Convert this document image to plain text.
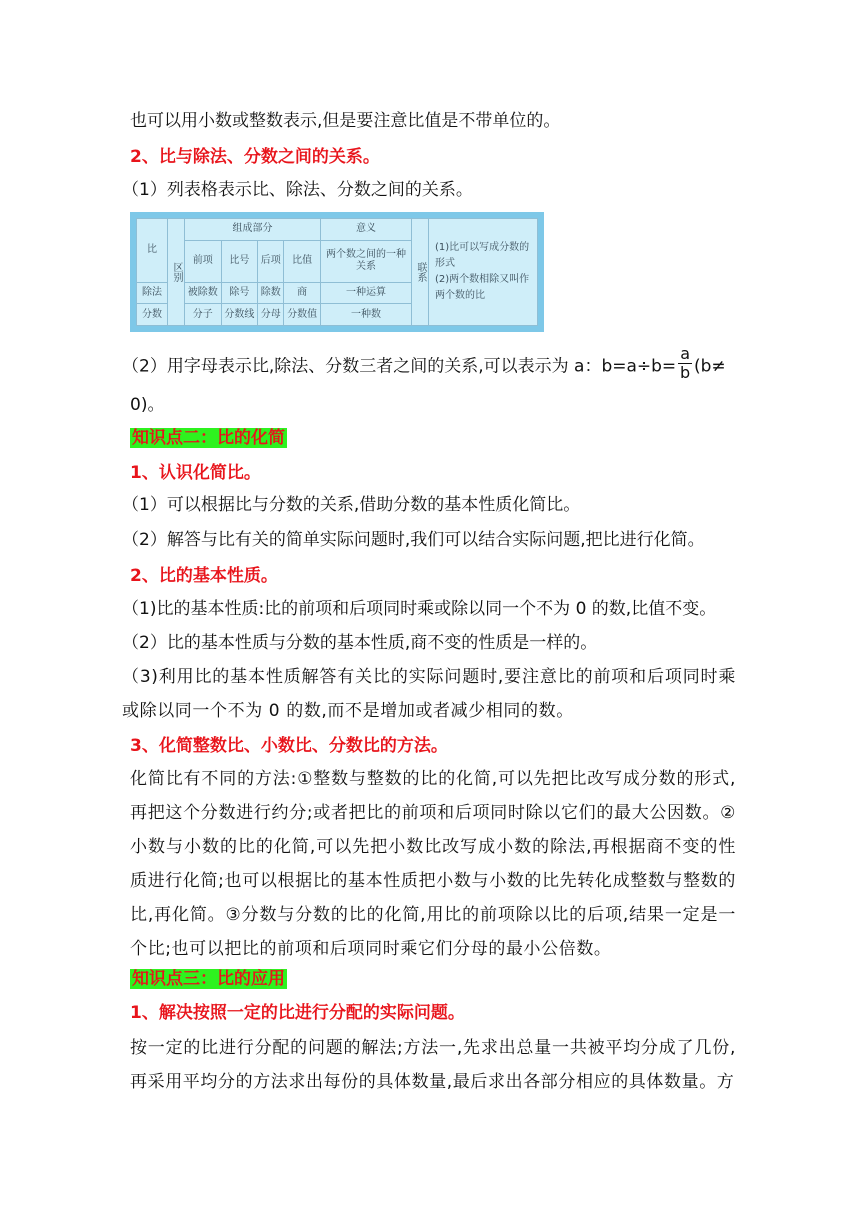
也可以用小数或整数表示,但是要注意比值是不带单位的。
2、比与除法、分数之间的关系。
（1）列表格表示比、除法、分数之间的关系。
比	区别	组成部分				意义	联系	(1)比可以写成分数的形式
(2)两个数相除又叫作两个数的比

		前项	比号	后项	比值	两个数之间的一种关系		
除法		被除数	除号	除数	商	一种运算		
分数		分子	分数线	分母	分数值	一种数		
（2）用字母表示比,除法、分数三者之间的关系,可以表示为 a：$b=a\div b= \frac{a}{b} (b\ne$
0)。
知识点二：比的化简
1、认识化简比。
（1）可以根据比与分数的关系,借助分数的基本性质化简比。
（2）解答与比有关的简单实际问题时,我们可以结合实际问题,把比进行化简。
2、比的基本性质。
（1)比的基本性质:比的前项和后项同时乘或除以同一个不为 0 的数,比值不变。
（2）比的基本性质与分数的基本性质,商不变的性质是一样的。
（3)利用比的基本性质解答有关比的实际问题时,要注意比的前项和后项同时乘或除以同一个不为 0 的数,而不是增加或者减少相同的数。
3、化简整数比、小数比、分数比的方法。
化简比有不同的方法:①整数与整数的比的化简,可以先把比改写成分数的形式,再把这个分数进行约分;或者把比的前项和后项同时除以它们的最大公因数。②小数与小数的比的化简,可以先把小数比改写成小数的除法,再根据商不变的性质进行化简;也可以根据比的基本性质把小数与小数的比先转化成整数与整数的比,再化简。③分数与分数的比的化简,用比的前项除以比的后项,结果一定是一个比;也可以把比的前项和后项同时乘它们分母的最小公倍数。
知识点三：比的应用
1、解决按照一定的比进行分配的实际问题。
按一定的比进行分配的问题的解法;方法一,先求出总量一共被平均分成了几份,再采用平均分的方法求出每份的具体数量,最后求出各部分相应的具体数量。方
